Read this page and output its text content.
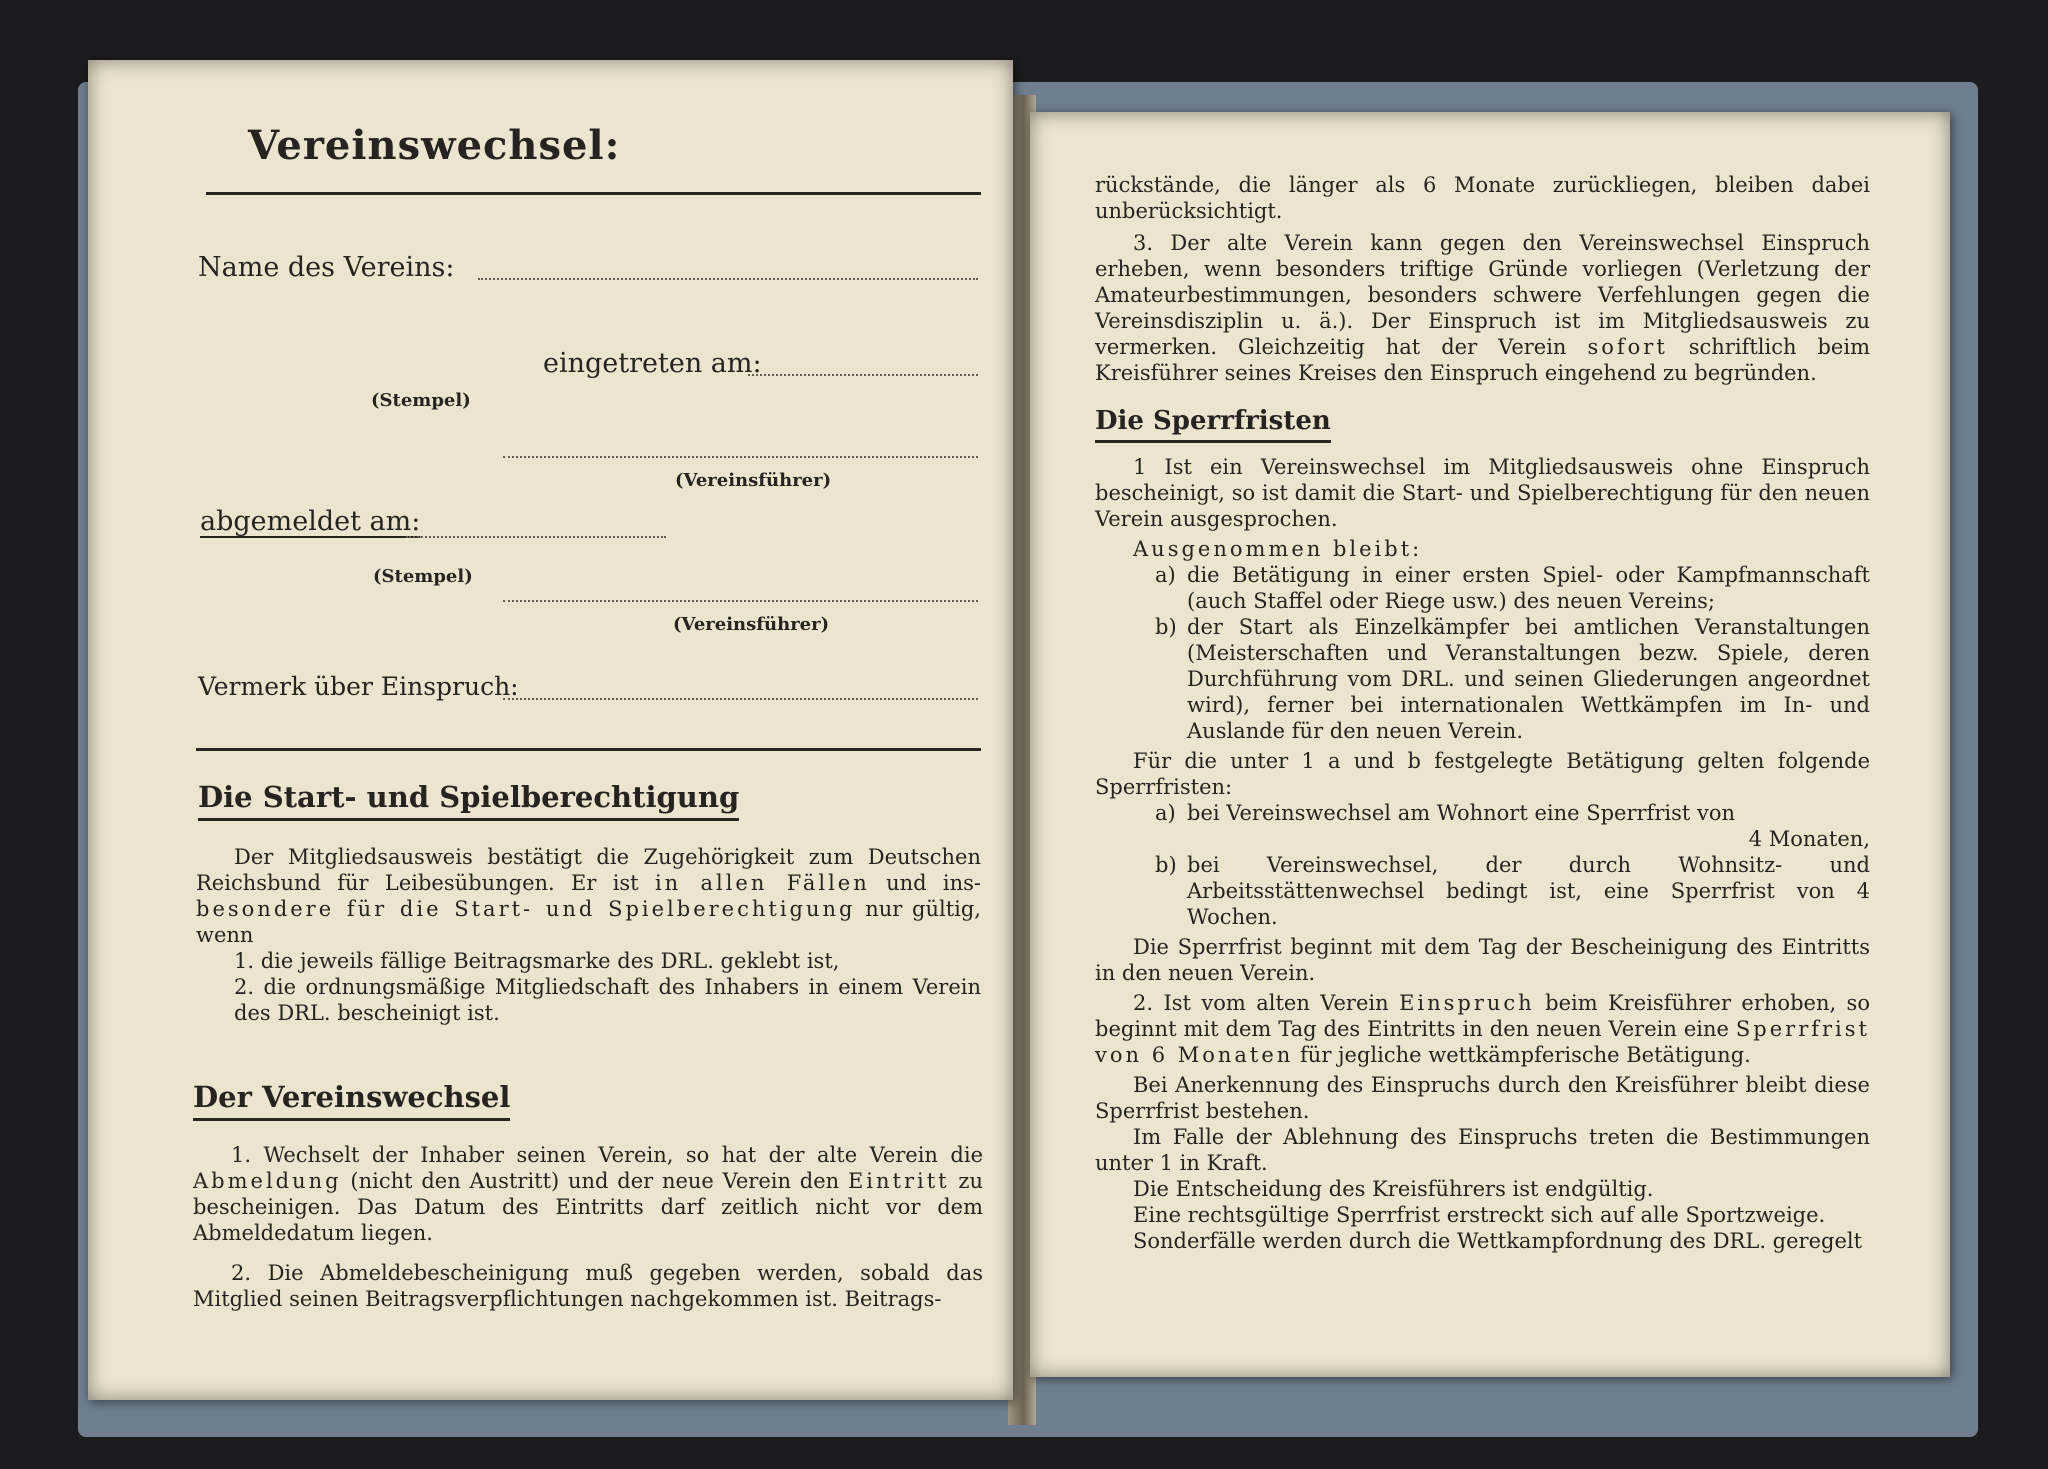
Vereinswechsel:
Name des Vereins:
eingetreten am:
(Stempel)
(Vereinsführer)
abgemeldet am:
(Stempel)
(Vereinsführer)
Vermerk über Einspruch:
Die Start- und Spielberechtigung

Der Mitgliedsausweis bestätigt die Zugehörigkeit zum Deutschen Reichsbund für Leibesübungen. Er ist in allen Fällen und ins- besondere für die Start- und Spielberechtigung nur gültig, wenn

1. die jeweils fällige Beitragsmarke des DRL. geklebt ist,

2. die ordnungsmäßige Mitgliedschaft des Inhabers in einem Verein des DRL. bescheinigt ist.

Der Vereinswechsel

1. Wechselt der Inhaber seinen Verein, so hat der alte Verein die Abmeldung (nicht den Austritt) und der neue Verein den Eintritt zu bescheinigen. Das Datum des Eintritts darf zeitlich nicht vor dem Abmeldedatum liegen.

2. Die Abmeldebescheinigung muß gegeben werden, sobald das Mitglied seinen Beitragsverpflichtungen nachgekommen ist. Beitrags-

rückstände, die länger als 6 Monate zurückliegen, bleiben dabei unberücksichtigt.

3. Der alte Verein kann gegen den Vereinswechsel Einspruch erheben, wenn besonders triftige Gründe vorliegen (Verletzung der Amateurbestimmungen, besonders schwere Verfehlungen gegen die Vereinsdisziplin u. ä.). Der Einspruch ist im Mitgliedsausweis zu vermerken. Gleichzeitig hat der Verein sofort schriftlich beim Kreisführer seines Kreises den Einspruch eingehend zu begründen.

Die Sperrfristen

1 Ist ein Vereinswechsel im Mitgliedsausweis ohne Einspruch bescheinigt, so ist damit die Start- und Spielberechtigung für den neuen Verein ausgesprochen.

Ausgenommen bleibt:

a) die Betätigung in einer ersten Spiel- oder Kampfmannschaft (auch Staffel oder Riege usw.) des neuen Vereins;
b) der Start als Einzelkämpfer bei amtlichen Veranstaltungen (Meisterschaften und Veranstaltungen bezw. Spiele, deren Durchführung vom DRL. und seinen Gliederungen angeordnet wird), ferner bei internationalen Wettkämpfen im In- und Auslande für den neuen Verein.

Für die unter 1 a und b festgelegte Betätigung gelten folgende Sperrfristen:

a) bei Vereinswechsel am Wohnort eine Sperrfrist von
4 Monaten,
b) bei Vereinswechsel, der durch Wohnsitz- und Arbeitsstättenwechsel bedingt ist, eine Sperrfrist von 4 Wochen.

Die Sperrfrist beginnt mit dem Tag der Bescheinigung des Eintritts in den neuen Verein.

2. Ist vom alten Verein Einspruch beim Kreisführer erhoben, so beginnt mit dem Tag des Eintritts in den neuen Verein eine Sperrfrist von 6 Monaten für jegliche wettkämpferische Betätigung.

Bei Anerkennung des Einspruchs durch den Kreisführer bleibt diese Sperrfrist bestehen.

Im Falle der Ablehnung des Einspruchs treten die Bestimmungen unter 1 in Kraft.

Die Entscheidung des Kreisführers ist endgültig.

Eine rechtsgültige Sperrfrist erstreckt sich auf alle Sportzweige.

Sonderfälle werden durch die Wettkampfordnung des DRL. geregelt
